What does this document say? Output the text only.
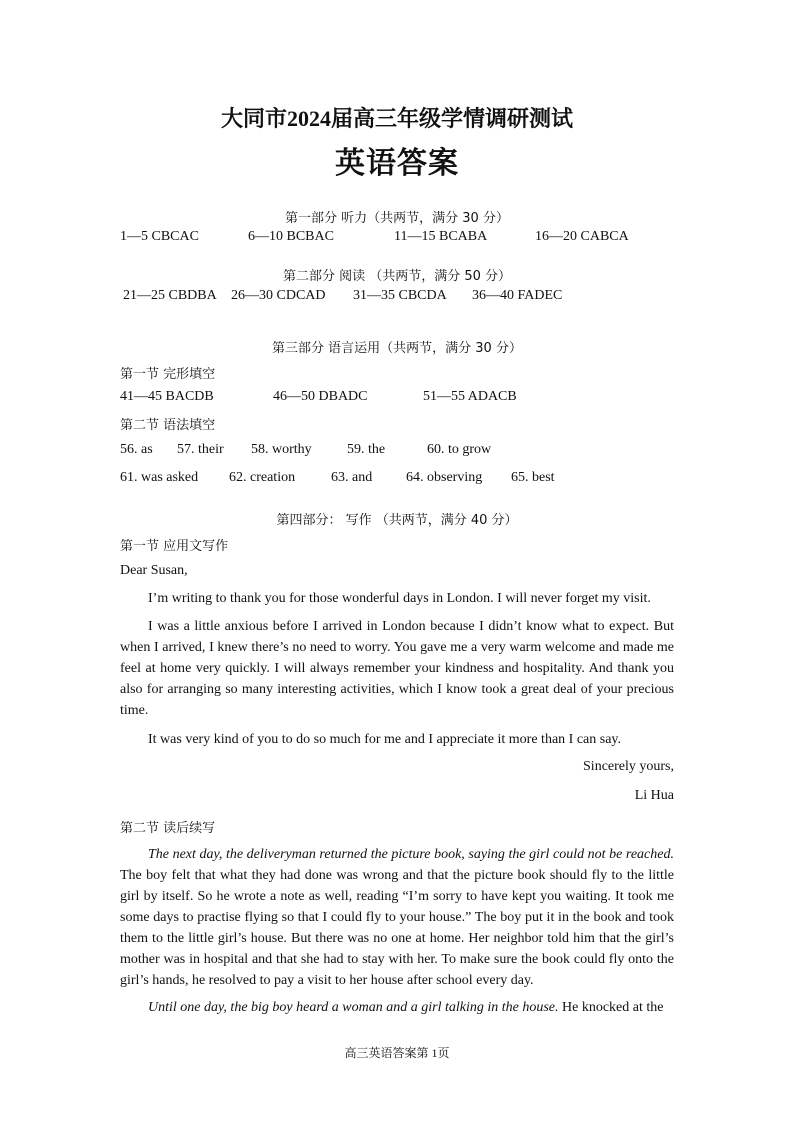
大同市2024届高三年级学情调研测试
英语答案
第一部分 听力（共两节，满分 30 分）
1—5 CBCAC	6—10 BCBAC	11—15 BCABA	16—20 CABCA
第二部分 阅读 （共两节，满分 50 分）
21—25 CBDBA 26—30 CDCAD 31—35 CBCDA 36—40 FADEC
第三部分 语言运用（共两节，满分 30 分）
第一节 完形填空
41—45 BACDB	46—50 DBADC	51—55 ADACB
第二节 语法填空
56. as 57. their 58. worthy	59. the	60. to grow
61. was asked 62. creation	63. and 64. observing 65. best
第四部分： 写作 （共两节，满分 40 分）
第一节 应用文写作
Dear Susan,
I’m writing to thank you for those wonderful days in London. I will never forget my visit.
I was a little anxious before I arrived in London because I didn’t know what to expect. But when I arrived, I knew there’s no need to worry. You gave me a very warm welcome and made me feel at home very quickly. I will always remember your kindness and hospitality. And thank you also for arranging so many interesting activities, which I know took a great deal of your precious time.
It was very kind of you to do so much for me and I appreciate it more than I can say.
Sincerely yours,
Li Hua
第二节 读后续写
The next day, the deliveryman returned the picture book, saying the girl could not be reached. The boy felt that what they had done was wrong and that the picture book should fly to the little girl by itself. So he wrote a note as well, reading “I’m sorry to have kept you waiting. It took me some days to practise flying so that I could fly to your house.” The boy put it in the book and took them to the little girl’s house. But there was no one at home. Her neighbor told him that the girl’s mother was in hospital and that she had to stay with her. To make sure the book could fly onto the girl’s hands, he resolved to pay a visit to her house after school every day.
Until one day, the big boy heard a woman and a girl talking in the house. He knocked at the
高三英语答案第 1页
